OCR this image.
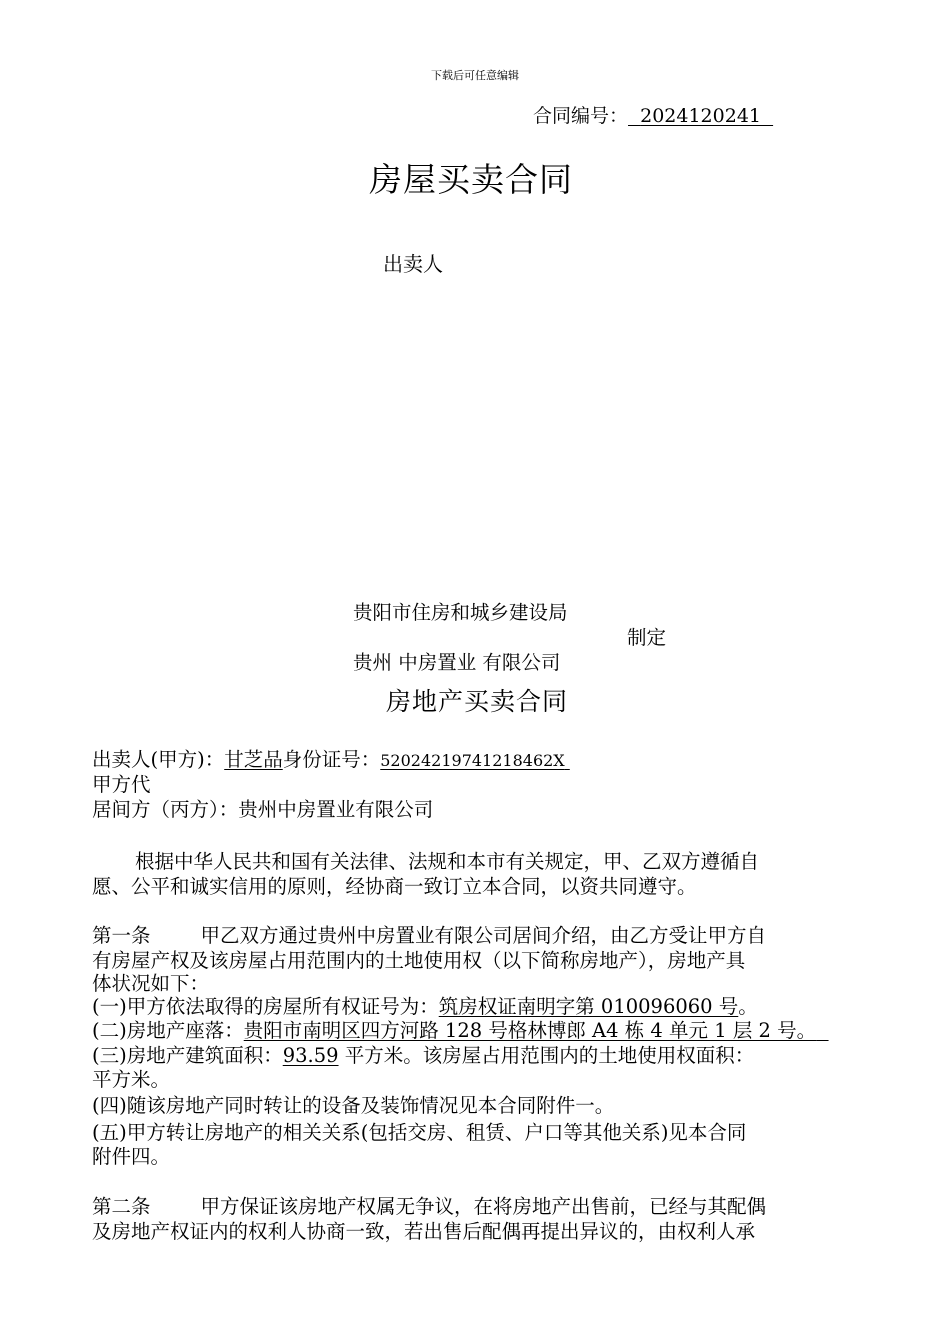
下载后可任意编辑
合同编号： 2024120241
房屋买卖合同
出卖人
贵阳市住房和城乡建设局
制定
贵州 中房置业 有限公司
房地产买卖合同
出卖人(甲方)：甘芝品身份证号：52024219741218462X
甲方代
居间方（丙方）：贵州中房置业有限公司
根据中华人民共和国有关法律、法规和本市有关规定，甲、乙双方遵循自
愿、公平和诚实信用的原则，经协商一致订立本合同，以资共同遵守。
第一条	甲乙双方通过贵州中房置业有限公司居间介绍，由乙方受让甲方自
有房屋产权及该房屋占用范围内的土地使用权（以下简称房地产），房地产具
体状况如下：
(一)甲方依法取得的房屋所有权证号为：筑房权证南明字第 010096060 号。
(二)房地产座落：贵阳市南明区四方河路 128 号格林博郎 A4 栋 4 单元 1 层 2 号。
(三)房地产建筑面积：93.59 平方米。该房屋占用范围内的土地使用权面积：
平方米。
(四)随该房地产同时转让的设备及装饰情况见本合同附件一。
(五)甲方转让房地产的相关关系(包括交房、租赁、户口等其他关系)见本合同
附件四。
第二条	甲方保证该房地产权属无争议，在将房地产出售前，已经与其配偶
及房地产权证内的权利人协商一致，若出售后配偶再提出异议的，由权利人承
